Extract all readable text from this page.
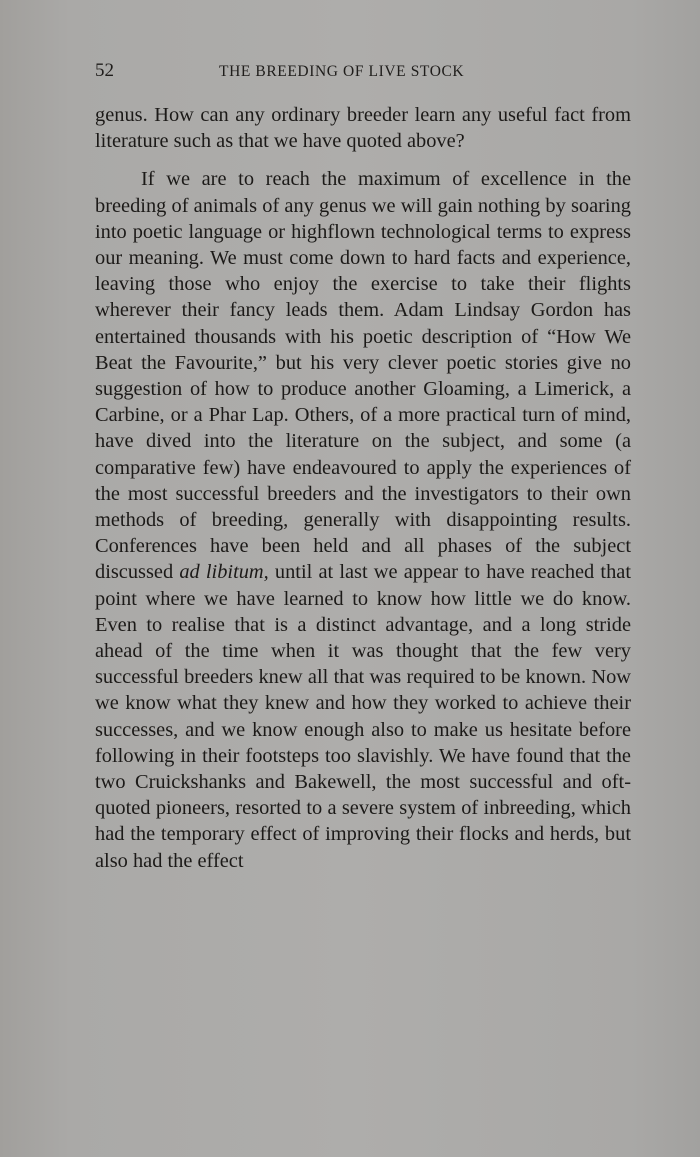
52	THE BREEDING OF LIVE STOCK

genus. How can any ordinary breeder learn any useful fact from literature such as that we have quoted above?

If we are to reach the maximum of excellence in the breeding of animals of any genus we will gain nothing by soaring into poetic language or highflown technological terms to express our meaning. We must come down to hard facts and experience, leaving those who enjoy the exercise to take their flights wherever their fancy leads them. Adam Lindsay Gordon has entertained thousands with his poetic description of “How We Beat the Favourite,” but his very clever poetic stories give no suggestion of how to produce another Gloaming, a Limerick, a Carbine, or a Phar Lap. Others, of a more practical turn of mind, have dived into the literature on the subject, and some (a comparative few) have endeavoured to apply the experiences of the most successful breeders and the investigators to their own methods of breeding, generally with disappointing results. Conferences have been held and all phases of the subject discussed ad libitum, until at last we appear to have reached that point where we have learned to know how little we do know. Even to realise that is a distinct advantage, and a long stride ahead of the time when it was thought that the few very successful breeders knew all that was required to be known. Now we know what they knew and how they worked to achieve their successes, and we know enough also to make us hesitate before following in their footsteps too slavishly. We have found that the two Cruickshanks and Bakewell, the most successful and oft-quoted pioneers, resorted to a severe system of inbreeding, which had the temporary effect of improving their flocks and herds, but also had the effect
